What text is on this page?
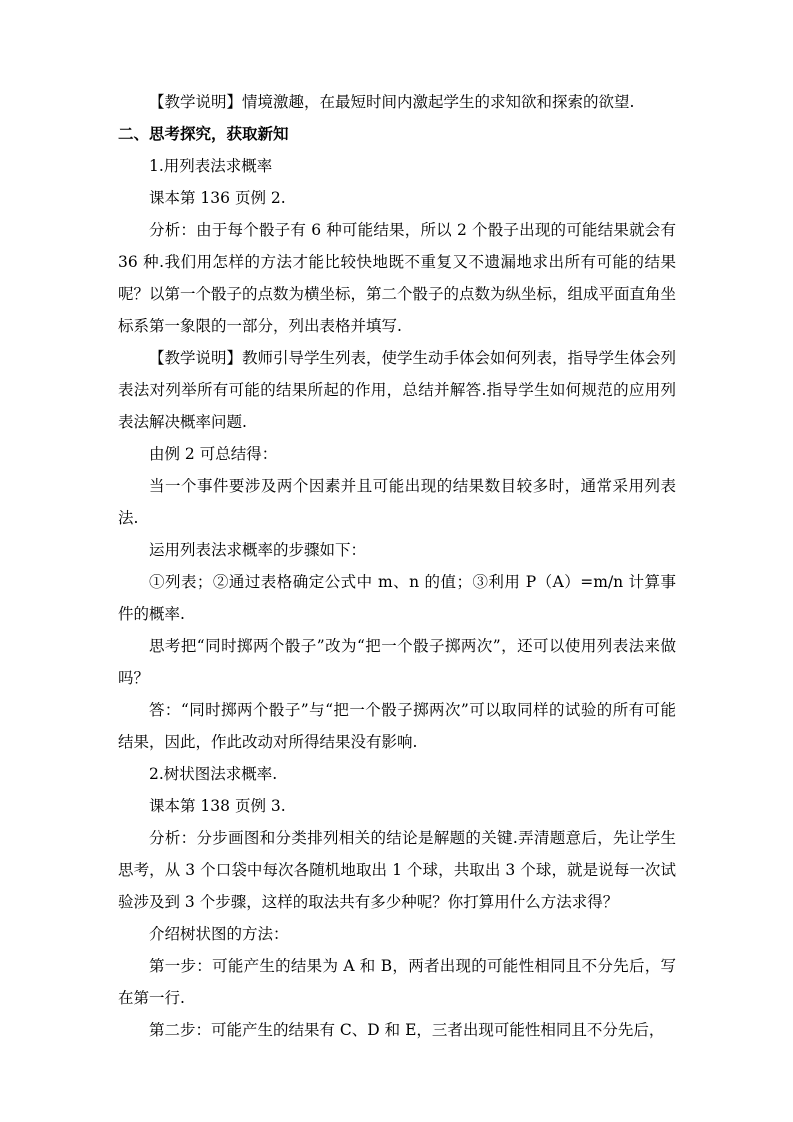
【教学说明】情境激趣，在最短时间内激起学生的求知欲和探索的欲望.

二、思考探究，获取新知

1.用列表法求概率

课本第 136 页例 2.

分析：由于每个骰子有 6 种可能结果，所以 2 个骰子出现的可能结果就会有 36 种.我们用怎样的方法才能比较快地既不重复又不遗漏地求出所有可能的结果呢？以第一个骰子的点数为横坐标，第二个骰子的点数为纵坐标，组成平面直角坐标系第一象限的一部分，列出表格并填写.

【教学说明】教师引导学生列表，使学生动手体会如何列表，指导学生体会列表法对列举所有可能的结果所起的作用，总结并解答.指导学生如何规范的应用列表法解决概率问题.

由例 2 可总结得：

当一个事件要涉及两个因素并且可能出现的结果数目较多时，通常采用列表法.

运用列表法求概率的步骤如下：

①列表；②通过表格确定公式中 m、n 的值；③利用 P（A）=m/n 计算事件的概率.

思考把“同时掷两个骰子”改为“把一个骰子掷两次”，还可以使用列表法来做吗？

答：“同时掷两个骰子”与“把一个骰子掷两次”可以取同样的试验的所有可能结果，因此，作此改动对所得结果没有影响.

2.树状图法求概率.

课本第 138 页例 3.

分析：分步画图和分类排列相关的结论是解题的关键.弄清题意后，先让学生思考，从 3 个口袋中每次各随机地取出 1 个球，共取出 3 个球，就是说每一次试验涉及到 3 个步骤，这样的取法共有多少种呢？你打算用什么方法求得？

介绍树状图的方法：

第一步：可能产生的结果为 A 和 B，两者出现的可能性相同且不分先后，写在第一行.

第二步：可能产生的结果有 C、D 和 E，三者出现可能性相同且不分先后，
